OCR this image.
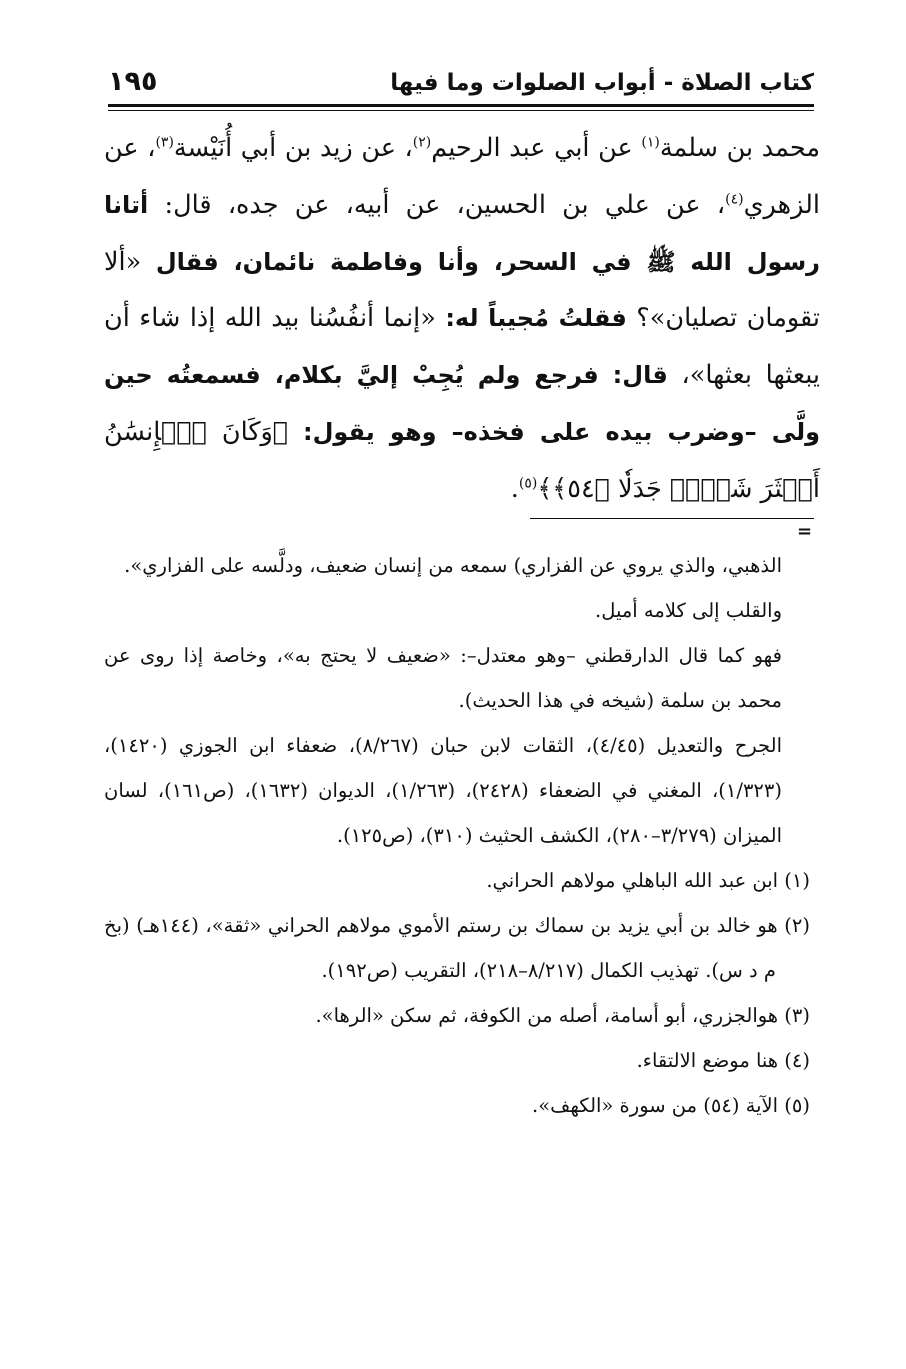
كتاب الصلاة - أبواب الصلوات وما فيها
١٩٥

محمد بن سلمة$^{(١)}$ عن أبي عبد الرحيم$^{(٢)}$، عن زيد بن أبي أُنَيْسة$^{(٣)}$، عن الزهري$^{(٤)}$، عن علي بن الحسين، عن أبيه، عن جده، قال: أتانا رسول الله ﷺ في السحر، وأنا وفاطمة نائمان، فقال «ألا تقومان تصليان»؟ فقلتُ مُجيباً له: «إنما أنفُسُنا بيد الله إذا شاء أن يبعثها بعثها»، قال: فرجع ولم يُجِبْ إليَّ بكلام، فسمعتُه حين ولَّى –وضرب بيده على فخذه– وهو يقول: ﴿وَكَانَ ٱلۡإِنسَٰنُ أَكۡثَرَ شَيۡءٖ جَدَلٗا ﴿٥٤﴾﴾$^{(٥)}$.

=

الذهبي، والذي يروي عن الفزاري) سمعه من إنسان ضعيف، ودلَّسه على الفزاري».

والقلب إلى كلامه أميل.

فهو كما قال الدارقطني –وهو معتدل–: «ضعيف لا يحتج به»، وخاصة إذا روى عن محمد بن سلمة (شيخه في هذا الحديث).

الجرح والتعديل (٤/٤٥)، الثقات لابن حبان (٨/٢٦٧)، ضعفاء ابن الجوزي (١٤٢٠)، (١/٣٢٣)، المغني في الضعفاء (٢٤٢٨)، (١/٢٦٣)، الديوان (١٦٣٢)، (ص١٦١)، لسان الميزان (٣/٢٧٩–٢٨٠)، الكشف الحثيث (٣١٠)، (ص١٢٥).

(١) ابن عبد الله الباهلي مولاهم الحراني.

(٢) هو خالد بن أبي يزيد بن سماك بن رستم الأموي مولاهم الحراني «ثقة»، (١٤٤هـ) (بخ م د س). تهذيب الكمال (٨/٢١٧–٢١٨)، التقريب (ص١٩٢).

(٣) هوالجزري، أبو أسامة، أصله من الكوفة، ثم سكن «الرها».

(٤) هنا موضع الالتقاء.

(٥) الآية (٥٤) من سورة «الكهف».
